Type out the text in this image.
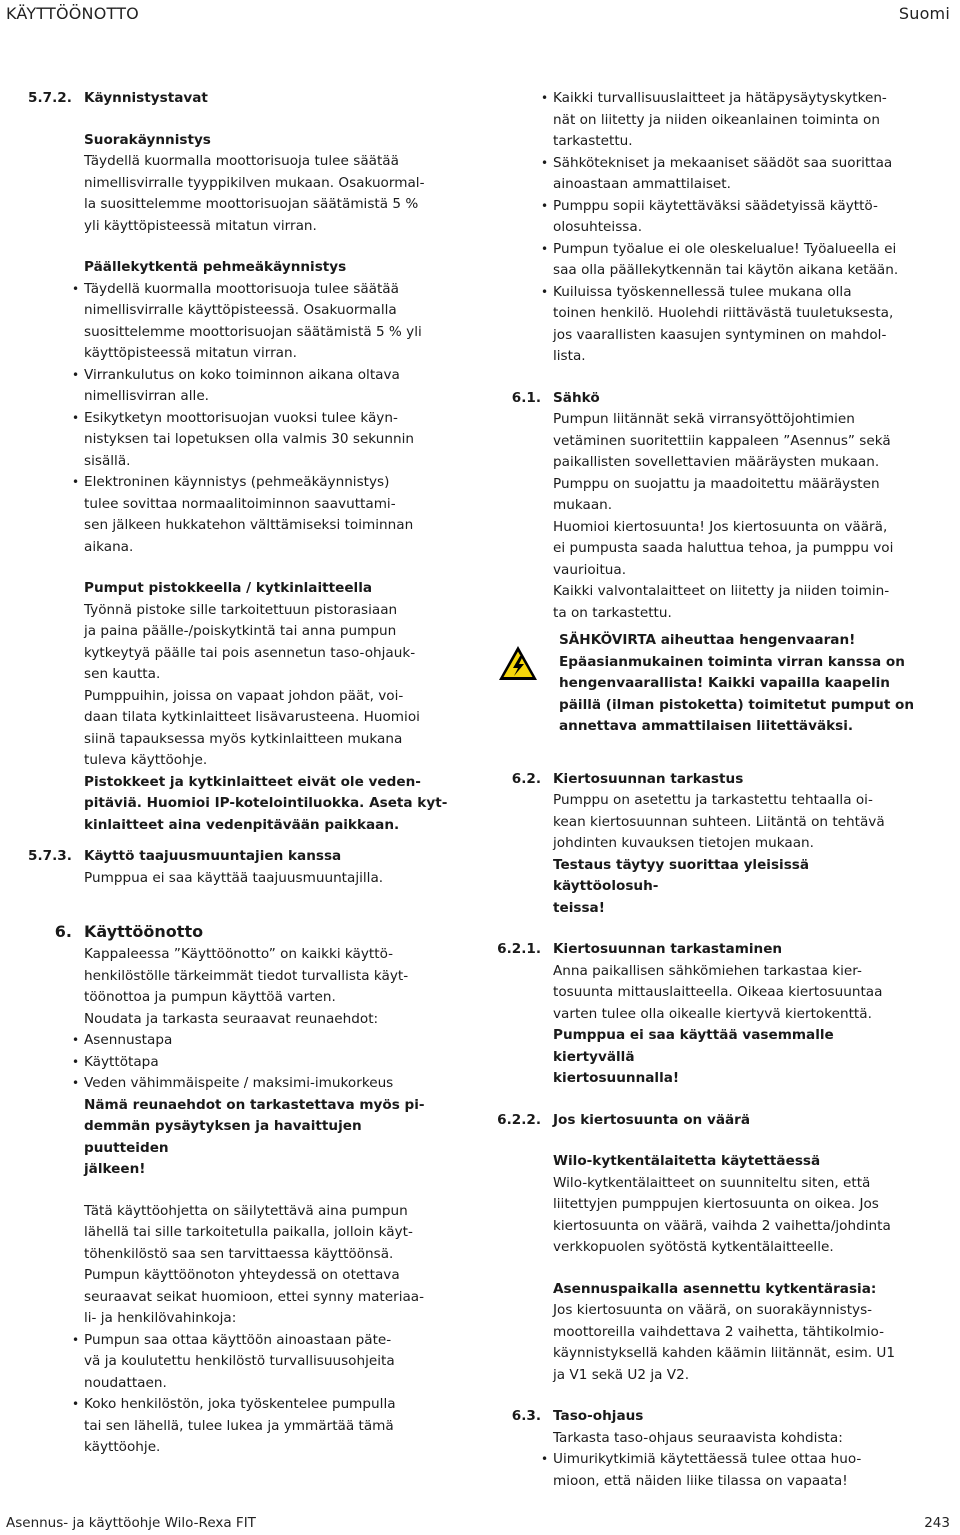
KÄYTTÖÖNOTTO	Suomi
5.7.2. Käynnistystavat
Suorakäynnistys

Täydellä kuormalla moottorisuoja tulee säätää
nimellisvirralle tyyppikilven mukaan. Osakuormal-
la suosittelemme moottorisuojan säätämistä 5 %
yli käyttöpisteessä mitatun virran.

Päällekytkentä pehmeäkäynnistys
• Täydellä kuormalla moottorisuoja tulee säätää
nimellisvirralle käyttöpisteessä. Osakuormalla
suosittelemme moottorisuojan säätämistä 5 % yli
käyttöpisteessä mitatun virran.
• Virrankulutus on koko toiminnon aikana oltava
nimellisvirran alle.
• Esikytketyn moottorisuojan vuoksi tulee käyn-
nistyksen tai lopetuksen olla valmis 30 sekunnin
sisällä.
• Elektroninen käynnistys (pehmeäkäynnistys)
tulee sovittaa normaalitoiminnon saavuttami-
sen jälkeen hukkatehon välttämiseksi toiminnan
aikana.
Pumput pistokkeella / kytkinlaitteella

Työnnä pistoke sille tarkoitettuun pistorasiaan
ja paina päälle-/poiskytkintä tai anna pumpun
kytkeytyä päälle tai pois asennetun taso-ohjauk-
sen kautta.

Pumppuihin, joissa on vapaat johdon päät, voi-
daan tilata kytkinlaitteet lisävarusteena. Huomioi
siinä tapauksessa myös kytkinlaitteen mukana
tuleva käyttöohje.

Pistokkeet ja kytkinlaitteet eivät ole veden-
pitäviä. Huomioi IP-kotelointiluokka. Aseta kyt-
kinlaitteet aina vedenpitävään paikkaan.

5.7.3. Käyttö taajuusmuuntajien kanssa

Pumppua ei saa käyttää taajuusmuuntajilla.

6. Käyttöönotto

Kappaleessa ”Käyttöönotto” on kaikki käyttö-
henkilöstölle tärkeimmät tiedot turvallista käyt-
töönottoa ja pumpun käyttöä varten.

Noudata ja tarkasta seuraavat reunaehdot:

• Asennustapa
• Käyttötapa
• Veden vähimmäispeite / maksimi-imukorkeus

Nämä reunaehdot on tarkastettava myös pi-
demmän pysäytyksen ja havaittujen puutteiden
jälkeen!

Tätä käyttöohjetta on säilytettävä aina pumpun
lähellä tai sille tarkoitetulla paikalla, jolloin käyt-
töhenkilöstö saa sen tarvittaessa käyttöönsä.

Pumpun käyttöönoton yhteydessä on otettava
seuraavat seikat huomioon, ettei synny materiaa-
li- ja henkilövahinkoja:

• Pumpun saa ottaa käyttöön ainoastaan päte-
vä ja koulutettu henkilöstö turvallisuusohjeita
noudattaen.
• Koko henkilöstön, joka työskentelee pumpulla
tai sen lähellä, tulee lukea ja ymmärtää tämä
käyttöohje.
• Kaikki turvallisuuslaitteet ja hätäpysäytyskytken-
nät on liitetty ja niiden oikeanlainen toiminta on
tarkastettu.
• Sähkötekniset ja mekaaniset säädöt saa suorittaa
ainoastaan ammattilaiset.
• Pumppu sopii käytettäväksi säädetyissä käyttö-
olosuhteissa.
• Pumpun työalue ei ole oleskelualue! Työalueella ei
saa olla päällekytkennän tai käytön aikana ketään.
• Kuiluissa työskennellessä tulee mukana olla
toinen henkilö. Huolehdi riittävästä tuuletuksesta,
jos vaarallisten kaasujen syntyminen on mahdol-
lista.
6.1. Sähkö

Pumpun liitännät sekä virransyöttöjohtimien
vetäminen suoritettiin kappaleen ”Asennus” sekä
paikallisten sovellettavien määräysten mukaan.

Pumppu on suojattu ja maadoitettu määräysten
mukaan.

Huomioi kiertosuunta! Jos kiertosuunta on väärä,
ei pumpusta saada haluttua tehoa, ja pumppu voi
vaurioitua.

Kaikki valvontalaitteet on liitetty ja niiden toimin-
ta on tarkastettu.

SÄHKÖVIRTA aiheuttaa hengenvaaran!
Epäasianmukainen toiminta virran kanssa on
hengenvaarallista! Kaikki vapailla kaapelin
päillä (ilman pistoketta) toimitetut pumput on
annettava ammattilaisen liitettäväksi.
6.2. Kiertosuunnan tarkastus

Pumppu on asetettu ja tarkastettu tehtaalla oi-
kean kiertosuunnan suhteen. Liitäntä on tehtävä
johdinten kuvauksen tietojen mukaan.

Testaus täytyy suorittaa yleisissä käyttöolosuh-
teissa!

6.2.1. Kiertosuunnan tarkastaminen

Anna paikallisen sähkömiehen tarkastaa kier-
tosuunta mittauslaitteella. Oikeaa kiertosuuntaa
varten tulee olla oikealle kiertyvä kiertokenttä.

Pumppua ei saa käyttää vasemmalle kiertyvällä
kiertosuunnalla!

6.2.2. Jos kiertosuunta on väärä
Wilo-kytkentälaitetta käytettäessä

Wilo-kytkentälaitteet on suunniteltu siten, että
liitettyjen pumppujen kiertosuunta on oikea. Jos
kiertosuunta on väärä, vaihda 2 vaihetta/johdinta
verkkopuolen syötöstä kytkentälaitteelle.

Asennuspaikalla asennettu kytkentärasia:

Jos kiertosuunta on väärä, on suorakäynnistys-
moottoreilla vaihdettava 2 vaihetta, tähtikolmio-
käynnistyksellä kahden käämin liitännät, esim. U1
ja V1 sekä U2 ja V2.

6.3. Taso-ohjaus

Tarkasta taso-ohjaus seuraavista kohdista:

• Uimurikytkimiä käytettäessä tulee ottaa huo-
mioon, että näiden liike tilassa on vapaata!
Asennus- ja käyttöohje Wilo-Rexa FIT	243
